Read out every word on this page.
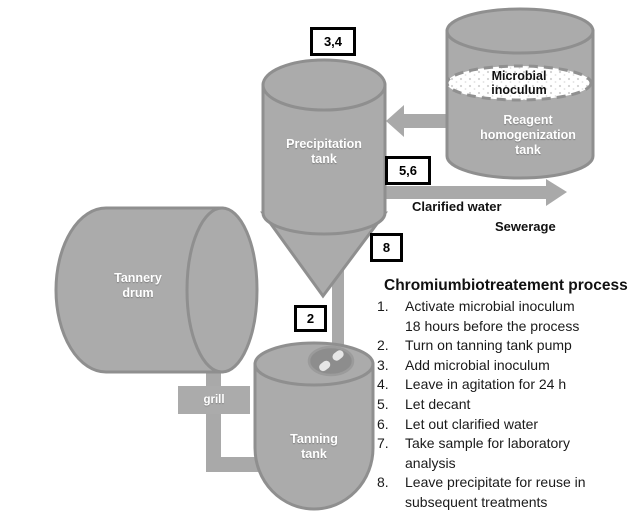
Tannery
drum
Precipitation
tank
Reagent
homogenization
tank
Tanning
tank
grill
Microbial
inoculum
3,4
5,6
8
2
Clarified water
Sewerage
Chromiumbiotreatement process
1.	Activate microbial inoculum
18 hours before the process
2.	Turn on tanning tank pump
3.	Add microbial inoculum
4.	Leave in agitation for 24 h
5.	Let decant
6.	Let out clarified water
7.	Take sample for laboratory
analysis
8.	Leave precipitate for reuse in
subsequent treatments
